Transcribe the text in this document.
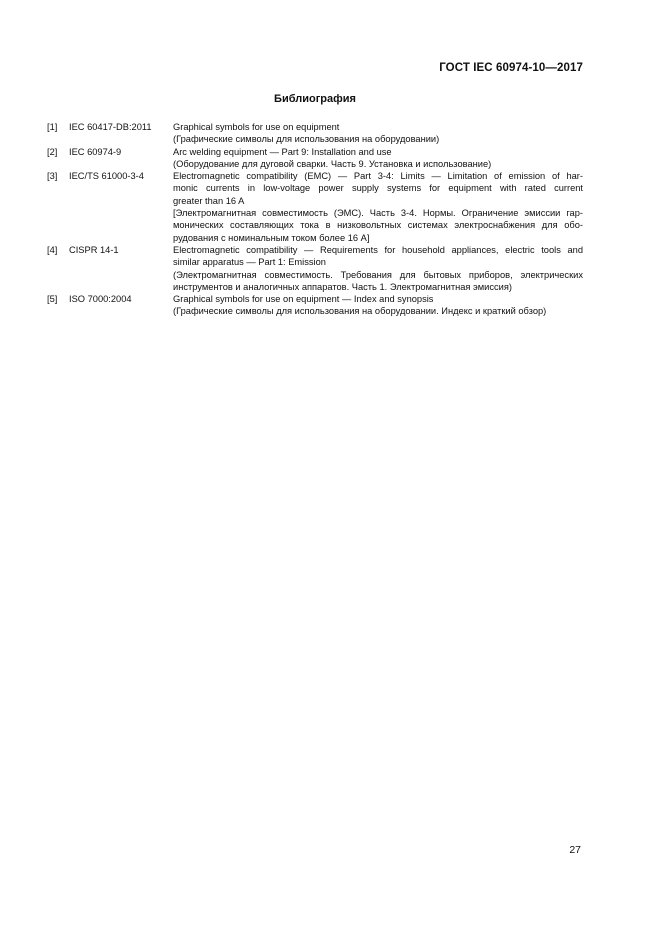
ГОСТ IEC 60974-10—2017
Библиография
[1]	IEC 60417-DB:2011	Graphical symbols for use on equipment
(Графические символы для использования на оборудовании)
[2]	IEC 60974-9	Arc welding equipment — Part 9: Installation and use
(Оборудование для дуговой сварки. Часть 9. Установка и использование)
[3]	IEC/TS 61000-3-4	Electromagnetic compatibility (EMC) — Part 3-4: Limits — Limitation of emission of har-
monic currents in low-voltage power supply systems for equipment with rated current
greater than 16 A
[Электромагнитная совместимость (ЭМС). Часть 3-4. Нормы. Ограничение эмиссии гар-
монических составляющих тока в низковольтных системах электроснабжения для обо-
рудования с номинальным током более 16 А]
[4]	CISPR 14-1	Electromagnetic compatibility — Requirements for household appliances, electric tools and
similar apparatus — Part 1: Emission
(Электромагнитная совместимость. Требования для бытовых приборов, электрических
инструментов и аналогичных аппаратов. Часть 1. Электромагнитная эмиссия)
[5]	ISO 7000:2004	Graphical symbols for use on equipment — Index and synopsis
(Графические символы для использования на оборудовании. Индекс и краткий обзор)
27
